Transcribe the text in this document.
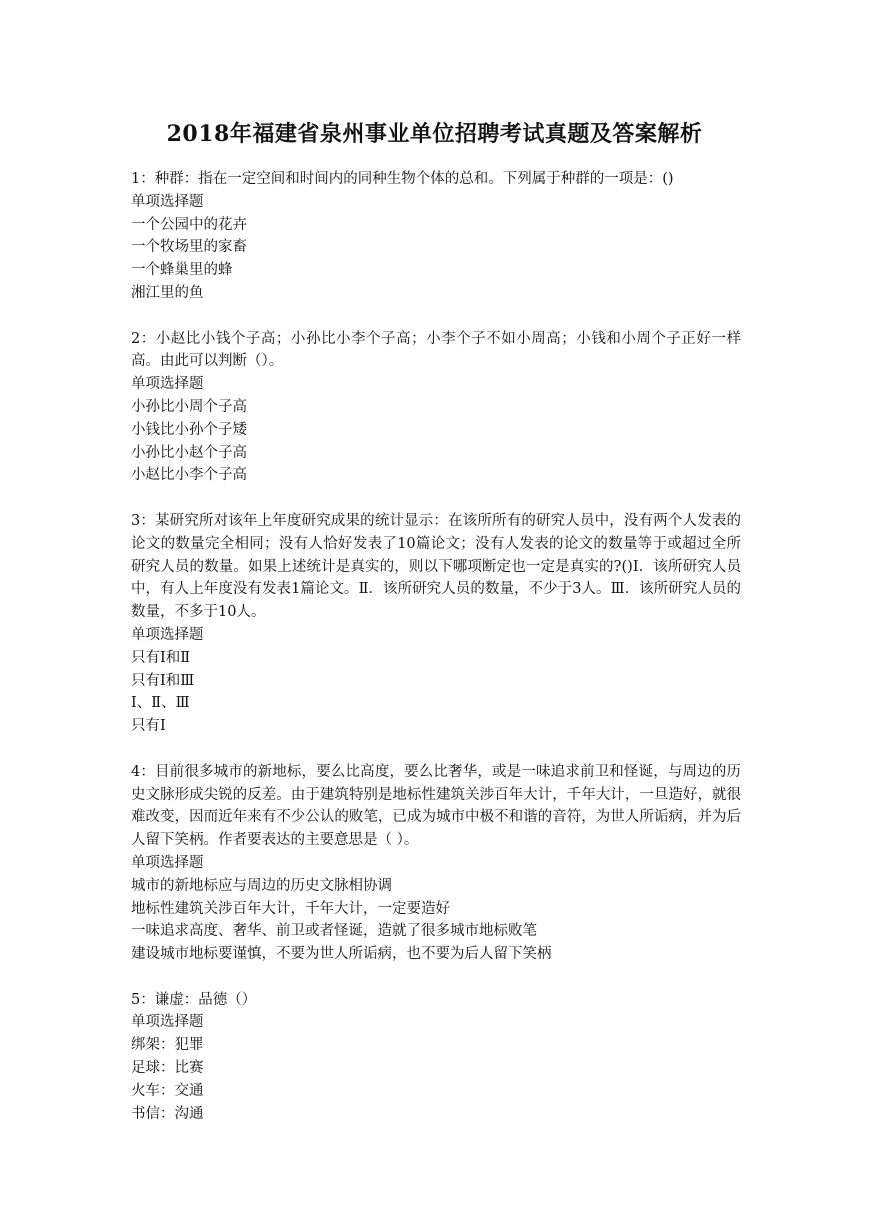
2018年福建省泉州事业单位招聘考试真题及答案解析
1：种群：指在一定空间和时间内的同种生物个体的总和。下列属于种群的一项是：()
单项选择题
一个公园中的花卉
一个牧场里的家畜
一个蜂巢里的蜂
湘江里的鱼
2：小赵比小钱个子高；小孙比小李个子高；小李个子不如小周高；小钱和小周个子正好一样高。由此可以判断（）。
单项选择题
小孙比小周个子高
小钱比小孙个子矮
小孙比小赵个子高
小赵比小李个子高
3：某研究所对该年上年度研究成果的统计显示：在该所所有的研究人员中，没有两个人发表的论文的数量完全相同；没有人恰好发表了10篇论文；没有人发表的论文的数量等于或超过全所研究人员的数量。如果上述统计是真实的，则以下哪项断定也一定是真实的?()Ⅰ．该所研究人员中，有人上年度没有发表1篇论文。Ⅱ．该所研究人员的数量，不少于3人。Ⅲ．该所研究人员的数量，不多于10人。
单项选择题
只有Ⅰ和Ⅱ
只有Ⅰ和Ⅲ
Ⅰ、Ⅱ、Ⅲ
只有Ⅰ
4：目前很多城市的新地标，要么比高度，要么比奢华，或是一味追求前卫和怪诞，与周边的历史文脉形成尖锐的反差。由于建筑特别是地标性建筑关涉百年大计，千年大计，一旦造好，就很难改变，因而近年来有不少公认的败笔，已成为城市中极不和谐的音符，为世人所诟病，并为后人留下笑柄。作者要表达的主要意思是（ ）。
单项选择题
城市的新地标应与周边的历史文脉相协调
地标性建筑关涉百年大计，千年大计，一定要造好
一味追求高度、奢华、前卫或者怪诞，造就了很多城市地标败笔
建设城市地标要谨慎，不要为世人所诟病，也不要为后人留下笑柄
5：谦虚：品德（）
单项选择题
绑架：犯罪
足球：比赛
火车：交通
书信：沟通
